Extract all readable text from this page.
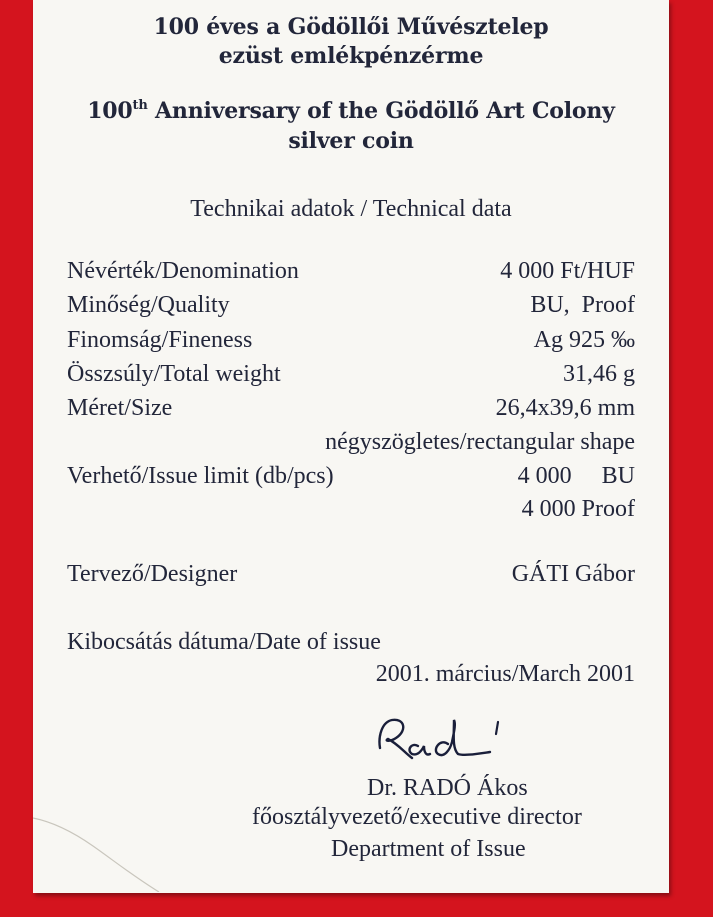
100 éves a Gödöllői Művésztelep
ezüst emlékpénzérme
100th Anniversary of the Gödöllő Art Colony
silver coin
Technikai adatok / Technical data
Névérték/Denomination	4 000 Ft/HUF
Minőség/Quality	BU,  Proof
Finomság/Fineness	Ag 925 ‰
Összsúly/Total weight	31,46 g
Méret/Size	26,4x39,6 mm
négyszögletes/rectangular shape
Verhető/Issue limit (db/pcs)	4 000     BU
4 000 Proof
Tervező/Designer	GÁTI Gábor
Kibocsátás dátuma/Date of issue
2001. március/March 2001
Dr. RADÓ Ákos
főosztályvezető/executive director
Department of Issue
